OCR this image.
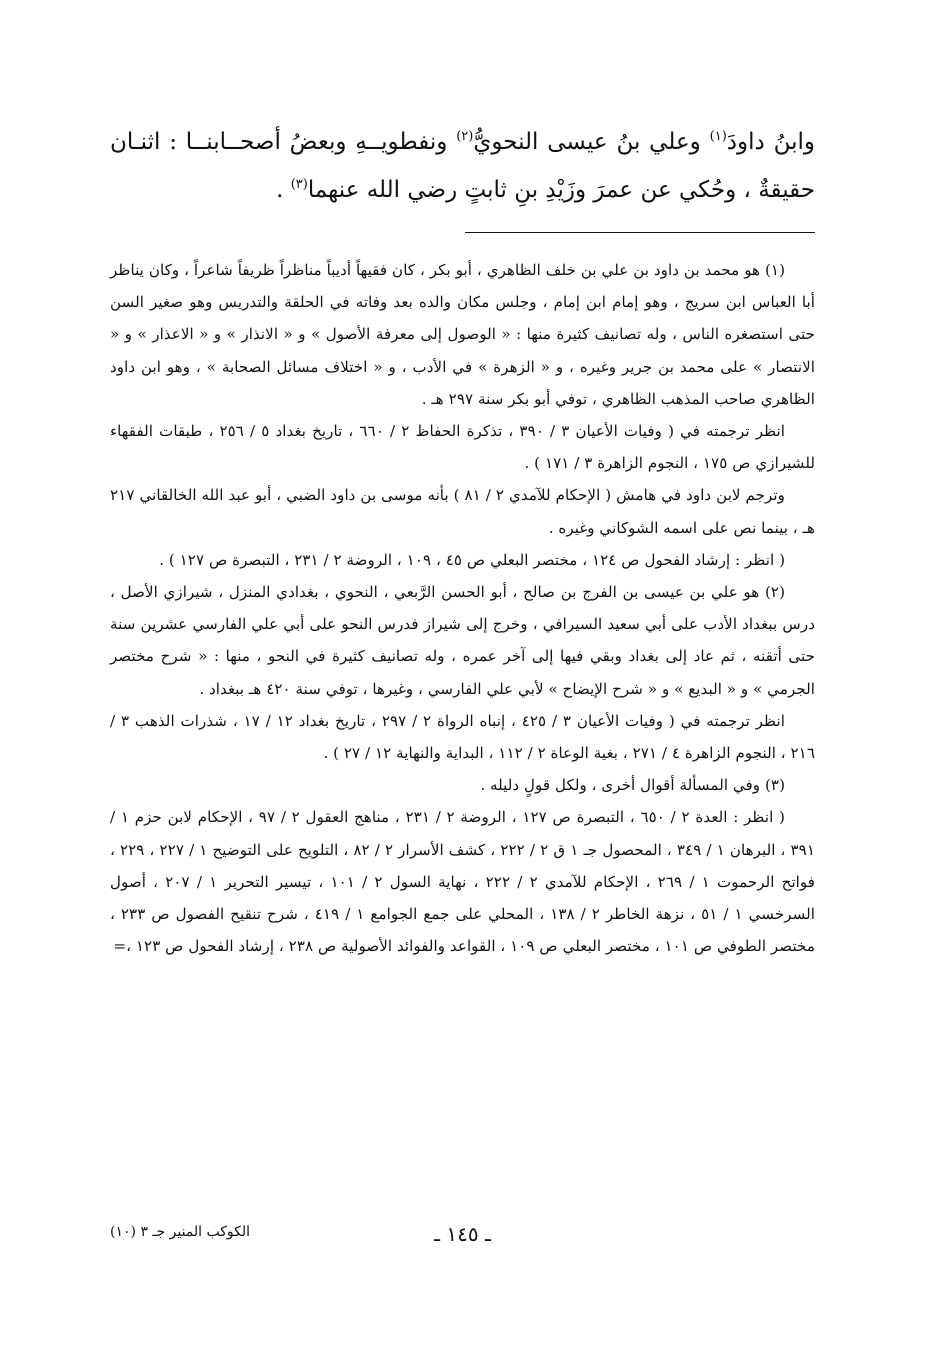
وابنُ داودَ$^{(١)}$ وعلي بنُ عيسى النحويُّ$^{(٢)}$ ونفطويــهِ وبعضُ أصحــابنــا : اثنـان حقيقةٌ ، وحُكي عن عمرَ وزَيْدِ بنِ ثابتٍ رضي الله عنهما$^{(٣)}$ .

(١) هو محمد بن داود بن علي بن خلف الظاهري ، أبو بكر ، كان فقيهاً أديباً مناظراً ظريفاً شاعراً ، وكان يناظر أبا العباس ابن سريج ، وهو إمام ابن إمام ، وجلس مكان والده بعد وفاته في الحلقة والتدريس وهو صغير السن حتى استصغره الناس ، وله تصانيف كثيرة منها : « الوصول إلى معرفة الأصول » و « الانذار » و « الاعذار » و « الانتصار » على محمد بن جرير وغيره ، و « الزهرة » في الأدب ، و « اختلاف مسائل الصحابة » ، وهو ابن داود الظاهري صاحب المذهب الظاهري ، توفي أبو بكر سنة ٢٩٧ هـ .

انظر ترجمته في ( وفيات الأعيان ٣ / ٣٩٠ ، تذكرة الحفاظ ٢ / ٦٦٠ ، تاريخ بغداد ٥ / ٢٥٦ ، طبقات الفقهاء للشيرازي ص ١٧٥ ، النجوم الزاهرة ٣ / ١٧١ ) .

وترجم لابن داود في هامش ( الإحكام للآمدي ٢ / ٨١ ) بأنه موسى بن داود الضبي ، أبو عبد الله الخالقاني ٢١٧ هـ ، بينما نص على اسمه الشوكاني وغيره .

( انظر : إرشاد الفحول ص ١٢٤ ، مختصر البعلي ص ٤٥ ، ١٠٩ ، الروضة ٢ / ٢٣١ ، التبصرة ص ١٢٧ ) .

(٢) هو علي بن عيسى بن الفرج بن صالح ، أبو الحسن الرَّبعي ، النحوي ، بغدادي المنزل ، شيرازي الأصل ، درس ببغداد الأدب على أبي سعيد السيرافي ، وخرج إلى شيراز فدرس النحو على أبي علي الفارسي عشرين سنة حتى أتقنه ، ثم عاد إلى بغداد وبقي فيها إلى آخر عمره ، وله تصانيف كثيرة في النحو ، منها : « شرح مختصر الجرمي » و « البديع » و « شرح الإيضاح » لأبي علي الفارسي ، وغيرها ، توفي سنة ٤٢٠ هـ ببغداد .

انظر ترجمته في ( وفيات الأعيان ٣ / ٤٢٥ ، إنباه الرواة ٢ / ٢٩٧ ، تاريخ بغداد ١٢ / ١٧ ، شذرات الذهب ٣ / ٢١٦ ، النجوم الزاهرة ٤ / ٢٧١ ، بغية الوعاة ٢ / ١١٢ ، البداية والنهاية ١٢ / ٢٧ ) .

(٣) وفي المسألة أقوال أخرى ، ولكل قولٍ دليله .

( انظر : العدة ٢ / ٦٥٠ ، التبصرة ص ١٢٧ ، الروضة ٢ / ٢٣١ ، مناهج العقول ٢ / ٩٧ ، الإحكام لابن حزم ١ / ٣٩١ ، البرهان ١ / ٣٤٩ ، المحصول جـ ١ ق ٢ / ٢٢٢ ، كشف الأسرار ٢ / ٨٢ ، التلويح على التوضيح ١ / ٢٢٧ ، ٢٢٩ ، فواتح الرحموت ١ / ٢٦٩ ، الإحكام للآمدي ٢ / ٢٢٢ ، نهاية السول ٢ / ١٠١ ، تيسير التحرير ١ / ٢٠٧ ، أصول السرخسي ١ / ٥١ ، نزهة الخاطر ٢ / ١٣٨ ، المحلي على جمع الجوامع ١ / ٤١٩ ، شرح تنقيح الفصول ص ٢٣٣ ، مختصر الطوفي ص ١٠١ ، مختصر البعلي ص ١٠٩ ، القواعد والفوائد الأصولية ص ٢٣٨ ، إرشاد الفحول ص ١٢٣ ،=

ـ ١٤٥ ـ
الكوكب المنير جـ ٣ (١٠)
